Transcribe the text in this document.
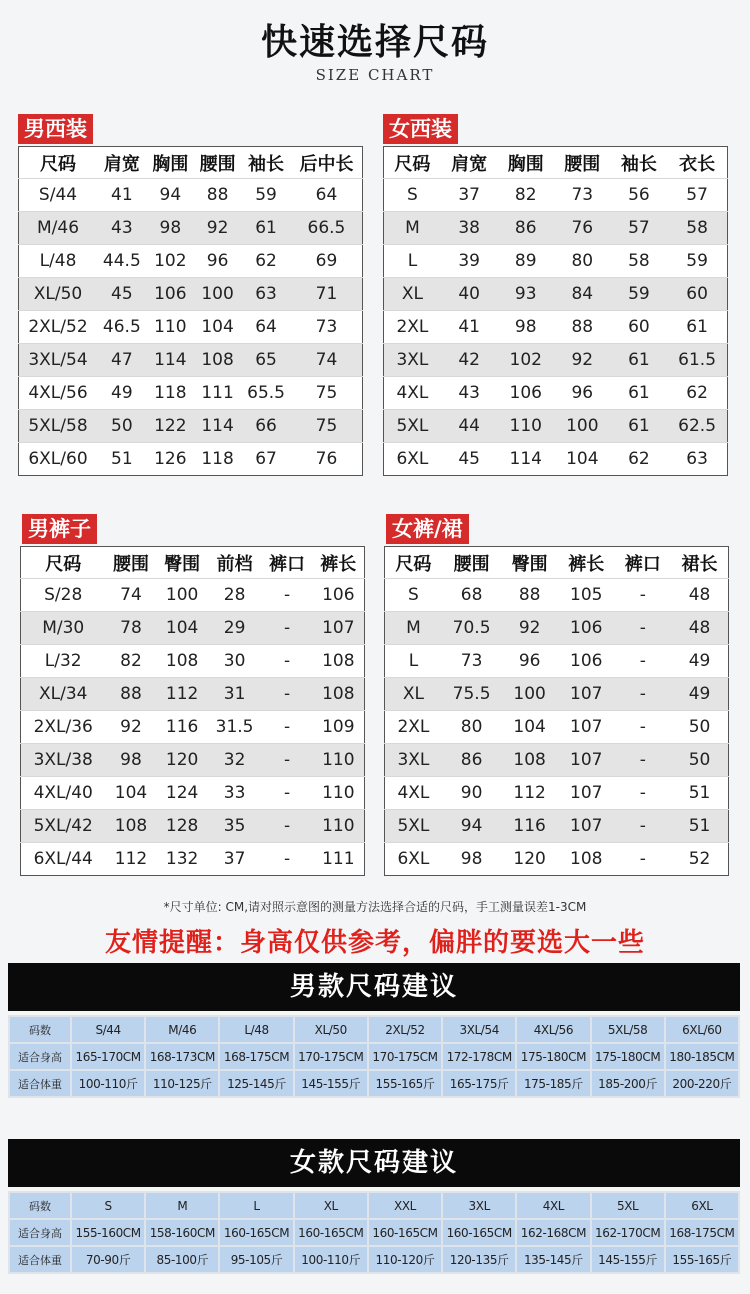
快速选择尺码
SIZE CHART
男西装
尺码	肩宽	胸围	腰围	袖长	后中长
S/44	41	94	88	59	64
M/46	43	98	92	61	66.5
L/48	44.5	102	96	62	69
XL/50	45	106	100	63	71
2XL/52	46.5	110	104	64	73
3XL/54	47	114	108	65	74
4XL/56	49	118	111	65.5	75
5XL/58	50	122	114	66	75
6XL/60	51	126	118	67	76
女西装
尺码	肩宽	胸围	腰围	袖长	衣长
S	37	82	73	56	57
M	38	86	76	57	58
L	39	89	80	58	59
XL	40	93	84	59	60
2XL	41	98	88	60	61
3XL	42	102	92	61	61.5
4XL	43	106	96	61	62
5XL	44	110	100	61	62.5
6XL	45	114	104	62	63
男裤子
尺码	腰围	臀围	前档	裤口	裤长
S/28	74	100	28	-	106
M/30	78	104	29	-	107
L/32	82	108	30	-	108
XL/34	88	112	31	-	108
2XL/36	92	116	31.5	-	109
3XL/38	98	120	32	-	110
4XL/40	104	124	33	-	110
5XL/42	108	128	35	-	110
6XL/44	112	132	37	-	111
女裤/裙
尺码	腰围	臀围	裤长	裤口	裙长
S	68	88	105	-	48
M	70.5	92	106	-	48
L	73	96	106	-	49
XL	75.5	100	107	-	49
2XL	80	104	107	-	50
3XL	86	108	107	-	50
4XL	90	112	107	-	51
5XL	94	116	107	-	51
6XL	98	120	108	-	52
*尺寸单位: CM,请对照示意图的测量方法选择合适的尺码，手工测量误差1-3CM
友情提醒：身高仅供参考，偏胖的要选大一些
男款尺码建议
码数	S/44	M/46	L/48	XL/50	2XL/52	3XL/54	4XL/56	5XL/58	6XL/60
适合身高	165-170CM	168-173CM	168-175CM	170-175CM	170-175CM	172-178CM	175-180CM	175-180CM	180-185CM
适合体重	100-110斤	110-125斤	125-145斤	145-155斤	155-165斤	165-175斤	175-185斤	185-200斤	200-220斤
女款尺码建议
码数	S	M	L	XL	XXL	3XL	4XL	5XL	6XL
适合身高	155-160CM	158-160CM	160-165CM	160-165CM	160-165CM	160-165CM	162-168CM	162-170CM	168-175CM
适合体重	70-90斤	85-100斤	95-105斤	100-110斤	110-120斤	120-135斤	135-145斤	145-155斤	155-165斤
